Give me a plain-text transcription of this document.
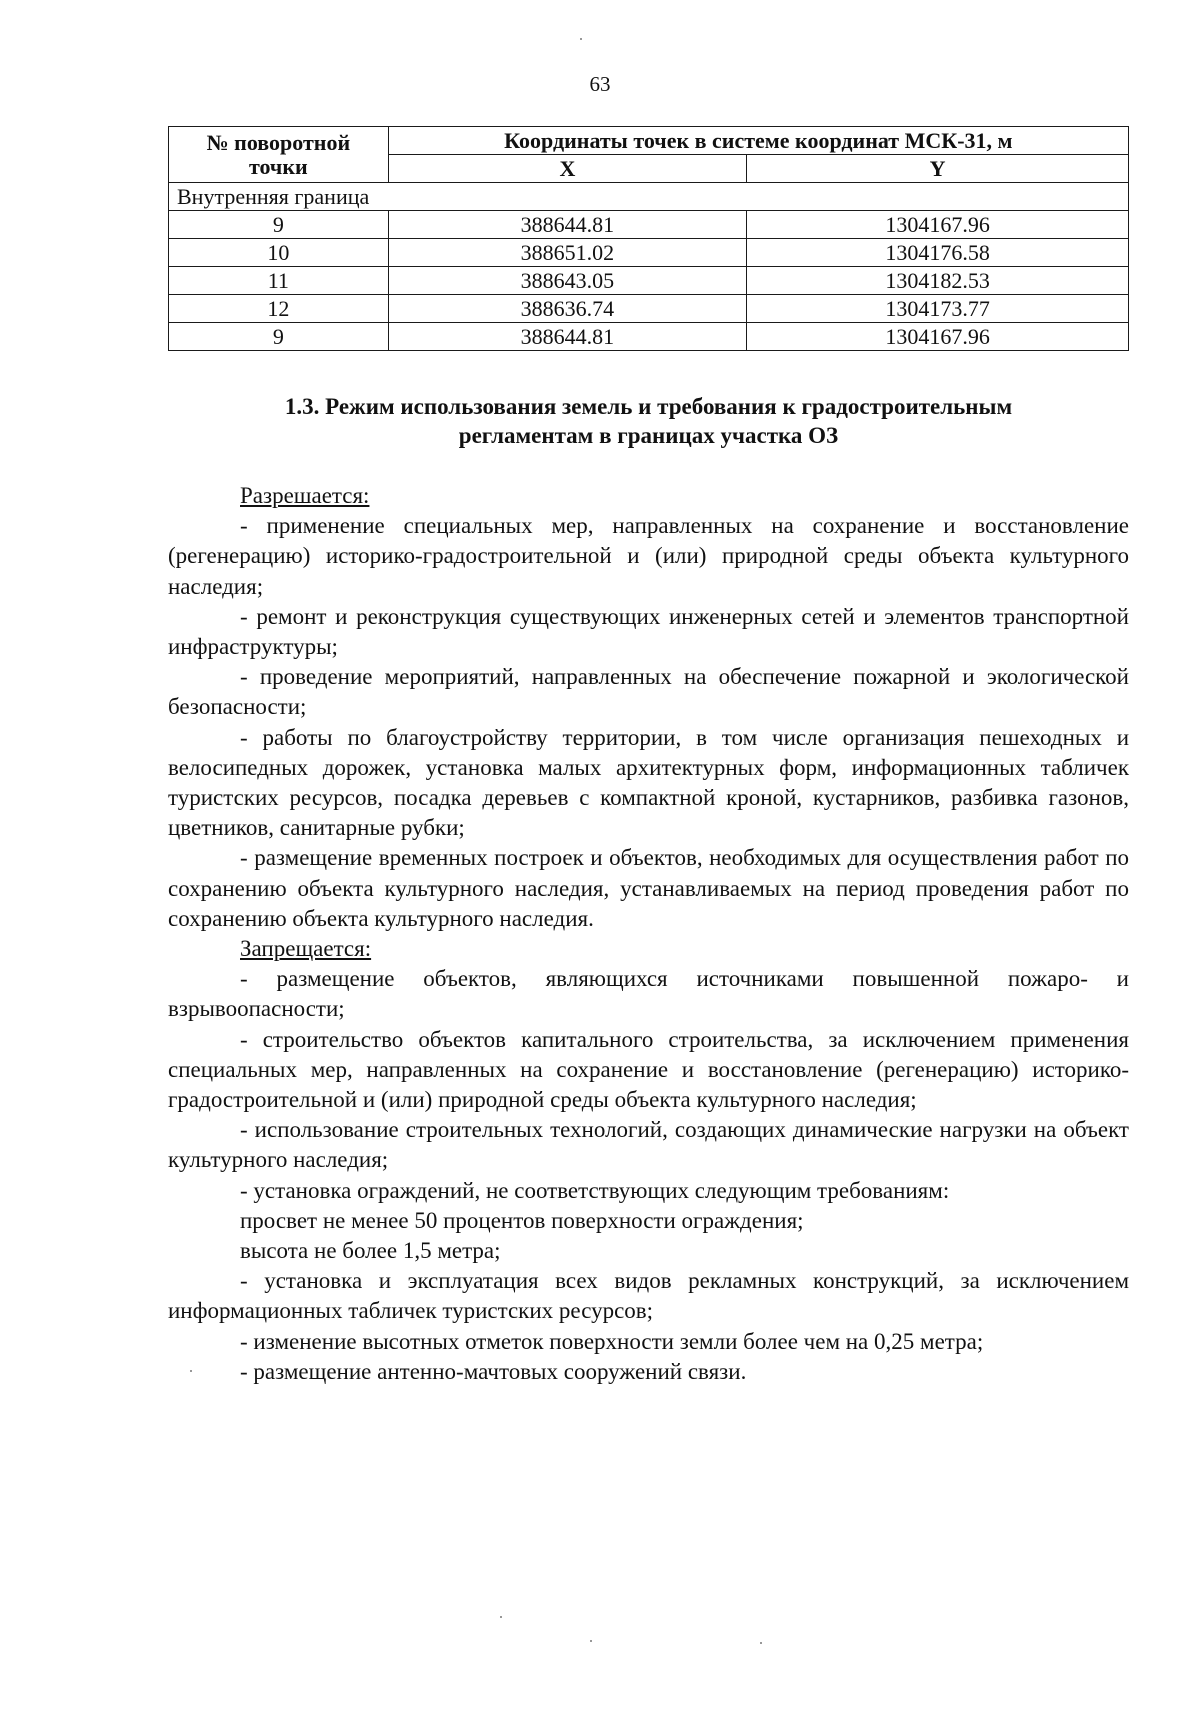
63
№ поворотной
точки	Координаты точек в системе координат МСК-31, м	
	X	Y
Внутренняя граница		
9	388644.81	1304167.96
10	388651.02	1304176.58
11	388643.05	1304182.53
12	388636.74	1304173.77
9	388644.81	1304167.96
1.3. Режим использования земель и требования к градостроительным
регламентам в границах участка ОЗ

Разрешается:

- применение специальных мер, направленных на сохранение и восстановление (регенерацию) историко-градостроительной и (или) природной среды объекта культурного наследия;

- ремонт и реконструкция существующих инженерных сетей и элементов транспортной инфраструктуры;

- проведение мероприятий, направленных на обеспечение пожарной и экологической безопасности;

- работы по благоустройству территории, в том числе организация пешеходных и велосипедных дорожек, установка малых архитектурных форм, информационных табличек туристских ресурсов, посадка деревьев с компактной кроной, кустарников, разбивка газонов, цветников, санитарные рубки;

- размещение временных построек и объектов, необходимых для осуществления работ по сохранению объекта культурного наследия, устанавливаемых на период проведения работ по сохранению объекта культурного наследия.

Запрещается:

- размещение объектов, являющихся источниками повышенной пожаро- и взрывоопасности;

- строительство объектов капитального строительства, за исключением применения специальных мер, направленных на сохранение и восстановление (регенерацию) историко-градостроительной и (или) природной среды объекта культурного наследия;

- использование строительных технологий, создающих динамические нагрузки на объект культурного наследия;

- установка ограждений, не соответствующих следующим требованиям:

просвет не менее 50 процентов поверхности ограждения;

высота не более 1,5 метра;

- установка и эксплуатация всех видов рекламных конструкций, за исключением информационных табличек туристских ресурсов;

- изменение высотных отметок поверхности земли более чем на 0,25 метра;

- размещение антенно-мачтовых сооружений связи.
